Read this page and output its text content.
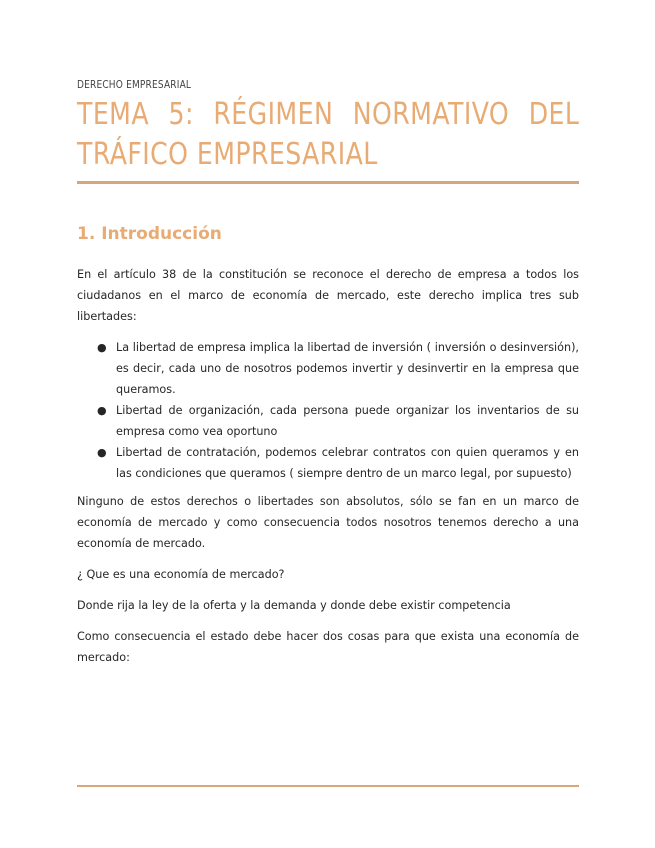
DERECHO EMPRESARIAL
TEMA 5: RÉGIMEN NORMATIVO DEL TRÁFICO EMPRESARIAL
1. Introducción

En el artículo 38 de la constitución se reconoce el derecho de empresa a todos los ciudadanos en el marco de economía de mercado, este derecho implica tres sub libertades:

● La libertad de empresa implica la libertad de inversión ( inversión o desinversión), es decir, cada uno de nosotros podemos invertir y desinvertir en la empresa que queramos.
● Libertad de organización, cada persona puede organizar los inventarios de su empresa como vea oportuno
● Libertad de contratación, podemos celebrar contratos con quien queramos y en las condiciones que queramos ( siempre dentro de un marco legal, por supuesto)

Ninguno de estos derechos o libertades son absolutos, sólo se fan en un marco de economía de mercado y como consecuencia todos nosotros tenemos derecho a una economía de mercado.

¿ Que es una economía de mercado?

Donde rija la ley de la oferta y la demanda y donde debe existir competencia

Como consecuencia el estado debe hacer dos cosas para que exista una economía de mercado:
